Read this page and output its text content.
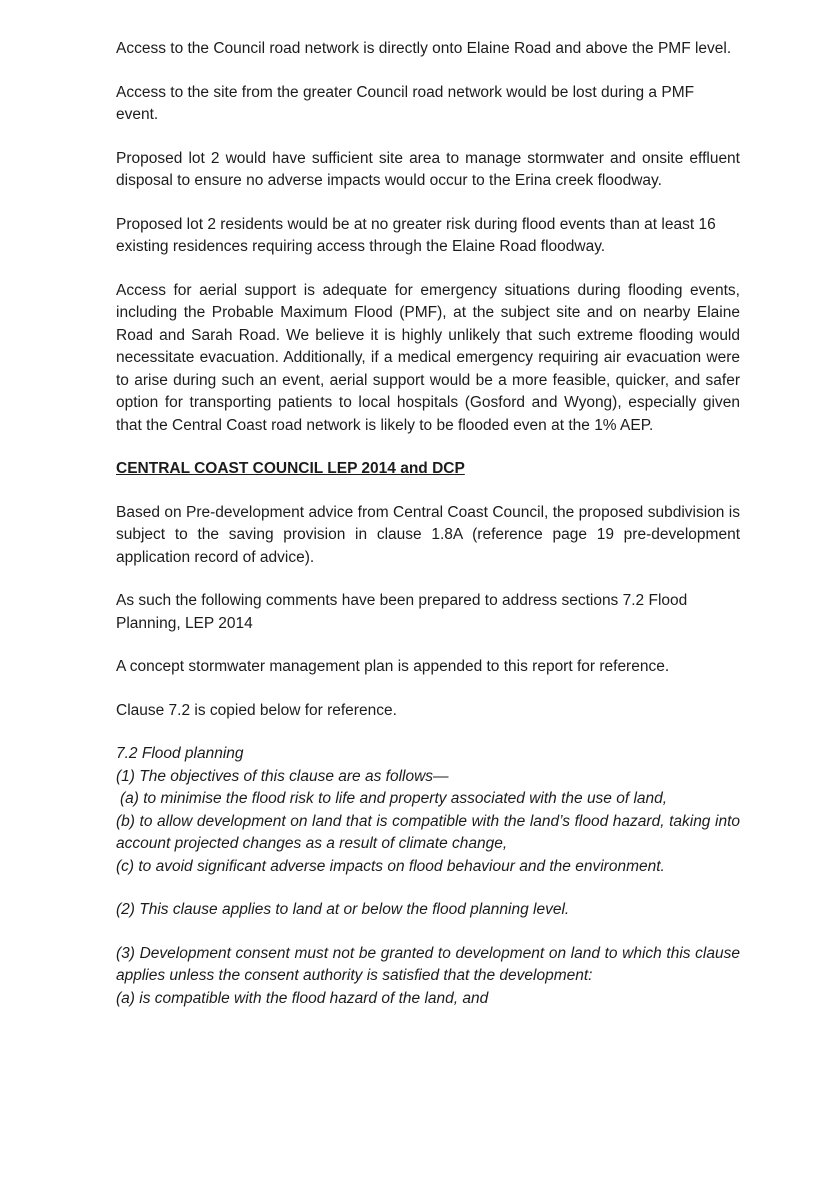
Access to the Council road network is directly onto Elaine Road and above the PMF level.

Access to the site from the greater Council road network would be lost during a PMF event.

Proposed lot 2 would have sufficient site area to manage stormwater and onsite effluent disposal to ensure no adverse impacts would occur to the Erina creek floodway.

Proposed lot 2 residents would be at no greater risk during flood events than at least 16 existing residences requiring access through the Elaine Road floodway.

Access for aerial support is adequate for emergency situations during flooding events, including the Probable Maximum Flood (PMF), at the subject site and on nearby Elaine Road and Sarah Road. We believe it is highly unlikely that such extreme flooding would necessitate evacuation. Additionally, if a medical emergency requiring air evacuation were to arise during such an event, aerial support would be a more feasible, quicker, and safer option for transporting patients to local hospitals (Gosford and Wyong), especially given that the Central Coast road network is likely to be flooded even at the 1% AEP.

CENTRAL COAST COUNCIL LEP 2014 and DCP

Based on Pre-development advice from Central Coast Council, the proposed subdivision is subject to the saving provision in clause 1.8A (reference page 19 pre-development application record of advice).

As such the following comments have been prepared to address sections 7.2 Flood Planning, LEP 2014

A concept stormwater management plan is appended to this report for reference.

Clause 7.2 is copied below for reference.

7.2 Flood planning
(1) The objectives of this clause are as follows—
(a) to minimise the flood risk to life and property associated with the use of land,
(b) to allow development on land that is compatible with the land’s flood hazard, taking into account projected changes as a result of climate change,
(c) to avoid significant adverse impacts on flood behaviour and the environment.

(2) This clause applies to land at or below the flood planning level.

(3) Development consent must not be granted to development on land to which this clause applies unless the consent authority is satisfied that the development:
(a) is compatible with the flood hazard of the land, and
